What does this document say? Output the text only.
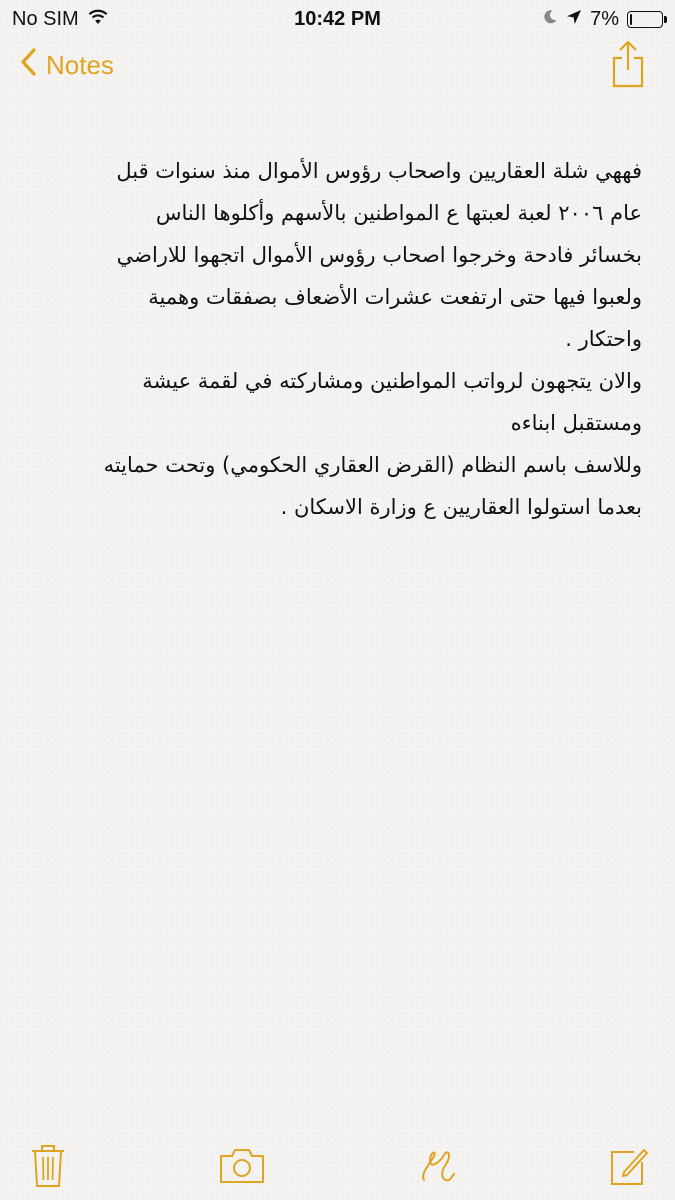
No SIM	10:42 PM	7%
Notes
فههي شلة العقاريين واصحاب رؤوس الأموال منذ سنوات قبل
عام ٢٠٠٦ لعبة لعبتها ع المواطنين بالأسهم وأكلوها الناس
بخسائر فادحة وخرجوا اصحاب رؤوس الأموال اتجهوا للاراضي
ولعبوا فيها حتى ارتفعت عشرات الأضعاف بصفقات وهمية
واحتكار .
والان يتجهون لرواتب المواطنين ومشاركته في لقمة عيشة
ومستقبل ابناءه
وللاسف باسم النظام (القرض العقاري الحكومي) وتحت حمايته
بعدما استولوا العقاريين ع وزارة الاسكان .
